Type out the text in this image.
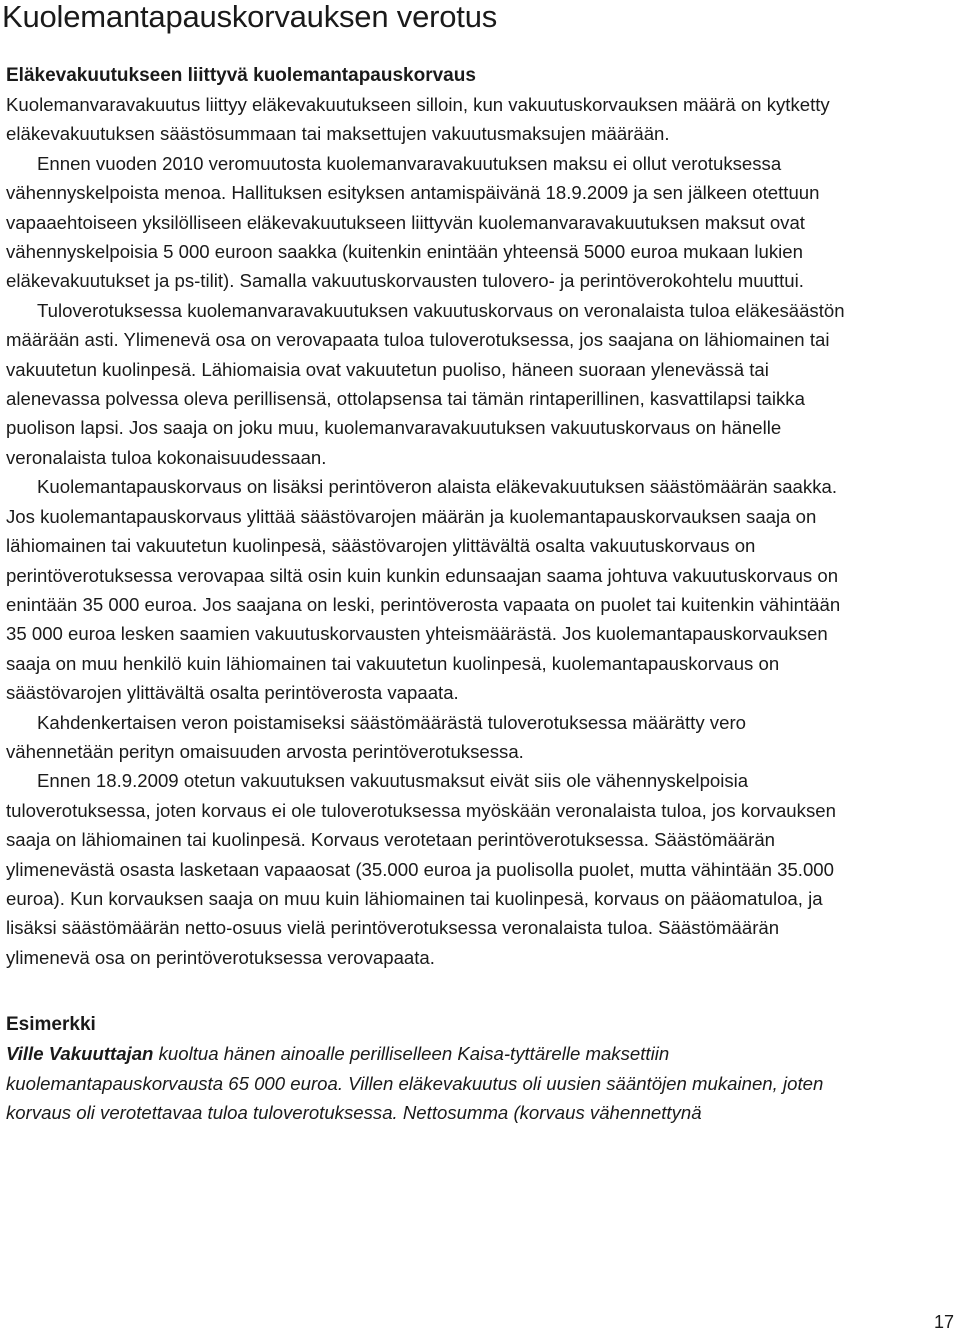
Kuolemantapauskorvauksen verotus
Eläkevakuutukseen liittyvä kuolemantapauskorvaus

Kuolemanvaravakuutus liittyy eläkevakuutukseen silloin, kun vakuutuskorvauksen määrä on kytketty eläkevakuutuksen säästösummaan tai maksettujen vakuutusmaksujen määrään.

Ennen vuoden 2010 veromuutosta kuolemanvaravakuutuksen maksu ei ollut verotuksessa vähennyskelpoista menoa. Hallituksen esityksen antamispäivänä 18.9.2009 ja sen jälkeen otettuun vapaaehtoiseen yksilölliseen eläkevakuutukseen liittyvän kuolemanvaravakuutuksen maksut ovat vähennyskelpoisia 5 000 euroon saakka (kuitenkin enintään yhteensä 5000 euroa mukaan lukien eläkevakuutukset ja ps-tilit). Samalla vakuutuskorvausten tulovero- ja perintöverokohtelu muuttui.

Tuloverotuksessa kuolemanvaravakuutuksen vakuutuskorvaus on veronalaista tuloa eläkesäästön määrään asti. Ylimenevä osa on verovapaata tuloa tuloverotuksessa, jos saajana on lähiomainen tai vakuutetun kuolinpesä. Lähiomaisia ovat vakuutetun puoliso, häneen suoraan ylenevässä tai alenevassa polvessa oleva perillisensä, ottolapsensa tai tämän rintaperillinen, kasvattilapsi taikka puolison lapsi. Jos saaja on joku muu, kuolemanvaravakuutuksen vakuutuskorvaus on hänelle veronalaista tuloa kokonaisuudessaan.

Kuolemantapauskorvaus on lisäksi perintöveron alaista eläkevakuutuksen säästömäärän saakka. Jos kuolemantapauskorvaus ylittää säästövarojen määrän ja kuolemantapauskorvauksen saaja on lähiomainen tai vakuutetun kuolinpesä, säästövarojen ylittävältä osalta vakuutuskorvaus on perintöverotuksessa verovapaa siltä osin kuin kunkin edunsaajan saama johtuva vakuutuskorvaus on enintään 35 000 euroa. Jos saajana on leski, perintöverosta vapaata on puolet tai kuitenkin vähintään 35 000 euroa lesken saamien vakuutuskorvausten yhteismäärästä. Jos kuolemantapauskorvauksen saaja on muu henkilö kuin lähiomainen tai vakuutetun kuolinpesä, kuolemantapauskorvaus on säästövarojen ylittävältä osalta perintöverosta vapaata.

Kahdenkertaisen veron poistamiseksi säästömäärästä tuloverotuksessa määrätty vero vähennetään perityn omaisuuden arvosta perintöverotuksessa.

Ennen 18.9.2009 otetun vakuutuksen vakuutusmaksut eivät siis ole vähennyskelpoisia tuloverotuksessa, joten korvaus ei ole tuloverotuksessa myöskään veronalaista tuloa, jos korvauksen saaja on lähiomainen tai kuolinpesä. Korvaus verotetaan perintöverotuksessa. Säästömäärän ylimenevästä osasta lasketaan vapaaosat (35.000 euroa ja puolisolla puolet, mutta vähintään 35.000 euroa). Kun korvauksen saaja on muu kuin lähiomainen tai kuolinpesä, korvaus on pääomatuloa, ja lisäksi säästömäärän netto-osuus vielä perintöverotuksessa veronalaista tuloa. Säästömäärän ylimenevä osa on perintöverotuksessa verovapaata.

Esimerkki

Ville Vakuuttajan kuoltua hänen ainoalle perilliselleen Kaisa-tyttärelle maksettiin kuolemantapauskorvausta 65 000 euroa. Villen eläkevakuutus oli uusien sääntöjen mukainen, joten korvaus oli verotettavaa tuloa tuloverotuksessa. Nettosumma (korvaus vähennettynä

17
